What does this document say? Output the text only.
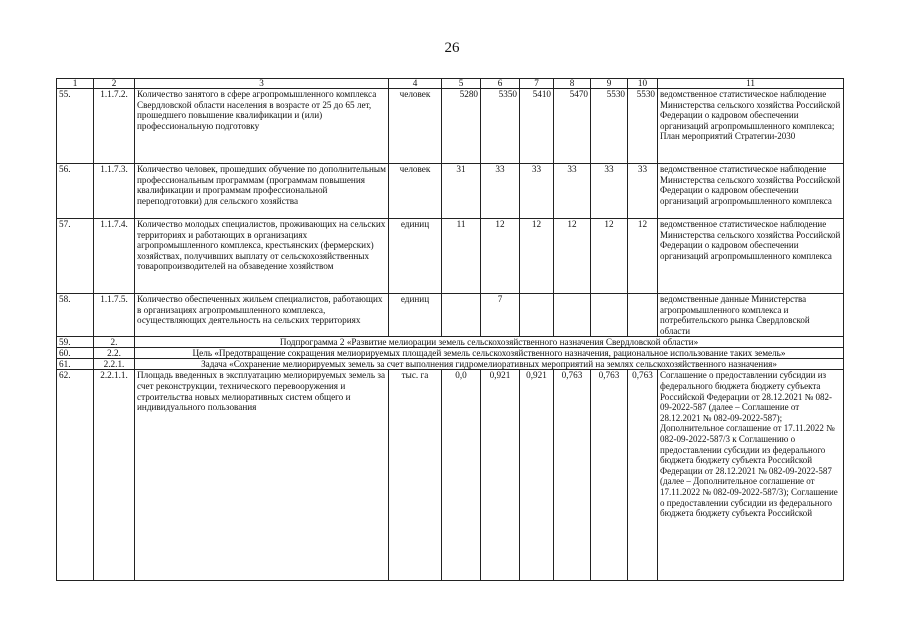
26
1	2	3	4	5	6	7	8	9	10	11
55.	1.1.7.2.	Количество занятого в сфере агропромышленного комплекса Свердловской области населения в возрасте от 25 до 65 лет, прошедшего повышение квалификации и (или) профессиональную подготовку	человек	5280	5350	5410	5470	5530	5530	ведомственное статистическое наблюдение Министерства сельского хозяйства Российской Федерации о кадровом обеспечении организаций агропромышленного комплекса; План мероприятий Стратегии-2030
56.	1.1.7.3.	Количество человек, прошедших обучение по дополнительным профессиональным программам (программам повышения квалификации и программам профессиональной переподготовки) для сельского хозяйства	человек	31	33	33	33	33	33	ведомственное статистическое наблюдение Министерства сельского хозяйства Российской Федерации о кадровом обеспечении организаций агропромышленного комплекса
57.	1.1.7.4.	Количество молодых специалистов, проживающих на сельских территориях и работающих в организациях агропромышленного комплекса, крестьянских (фермерских) хозяйствах, получивших выплату от сельскохозяйственных товаропроизводителей на обзаведение хозяйством	единиц	11	12	12	12	12	12	ведомственное статистическое наблюдение Министерства сельского хозяйства Российской Федерации о кадровом обеспечении организаций агропромышленного комплекса
58.	1.1.7.5.	Количество обеспеченных жильем специалистов, работающих в организациях агропромышленного комплекса, осуществляющих деятельность на сельских территориях	единиц		7					ведомственные данные Министерства агропромышленного комплекса и потребительского рынка Свердловской области
59.	2.	Подпрограмма 2 «Развитие мелиорации земель сельскохозяйственного назначения Свердловской области»								
60.	2.2.	Цель «Предотвращение сокращения мелиорируемых площадей земель сельскохозяйственного назначения, рациональное использование таких земель»								
61.	2.2.1.	Задача «Сохранение мелиорируемых земель за счет выполнения гидромелиоративных мероприятий на землях сельскохозяйственного назначения»								
62.	2.2.1.1.	Площадь введенных в эксплуатацию мелиорируемых земель за счет реконструкции, технического перевооружения и строительства новых мелиоративных систем общего и индивидуального пользования	тыс. га	0,0	0,921	0,921	0,763	0,763	0,763	Соглашение о предоставлении субсидии из федерального бюджета бюджету субъекта Российской Федерации от 28.12.2021 № 082-09-2022-587 (далее – Соглашение от 28.12.2021 № 082-09-2022-587); Дополнительное соглашение от 17.11.2022 № 082-09-2022-587/3 к Соглашению о предоставлении субсидии из федерального бюджета бюджету субъекта Российской Федерации от 28.12.2021 № 082-09-2022-587 (далее – Дополнительное соглашение от 17.11.2022 № 082-09-2022-587/3); Соглашение о предоставлении субсидии из федерального бюджета бюджету субъекта Российской
